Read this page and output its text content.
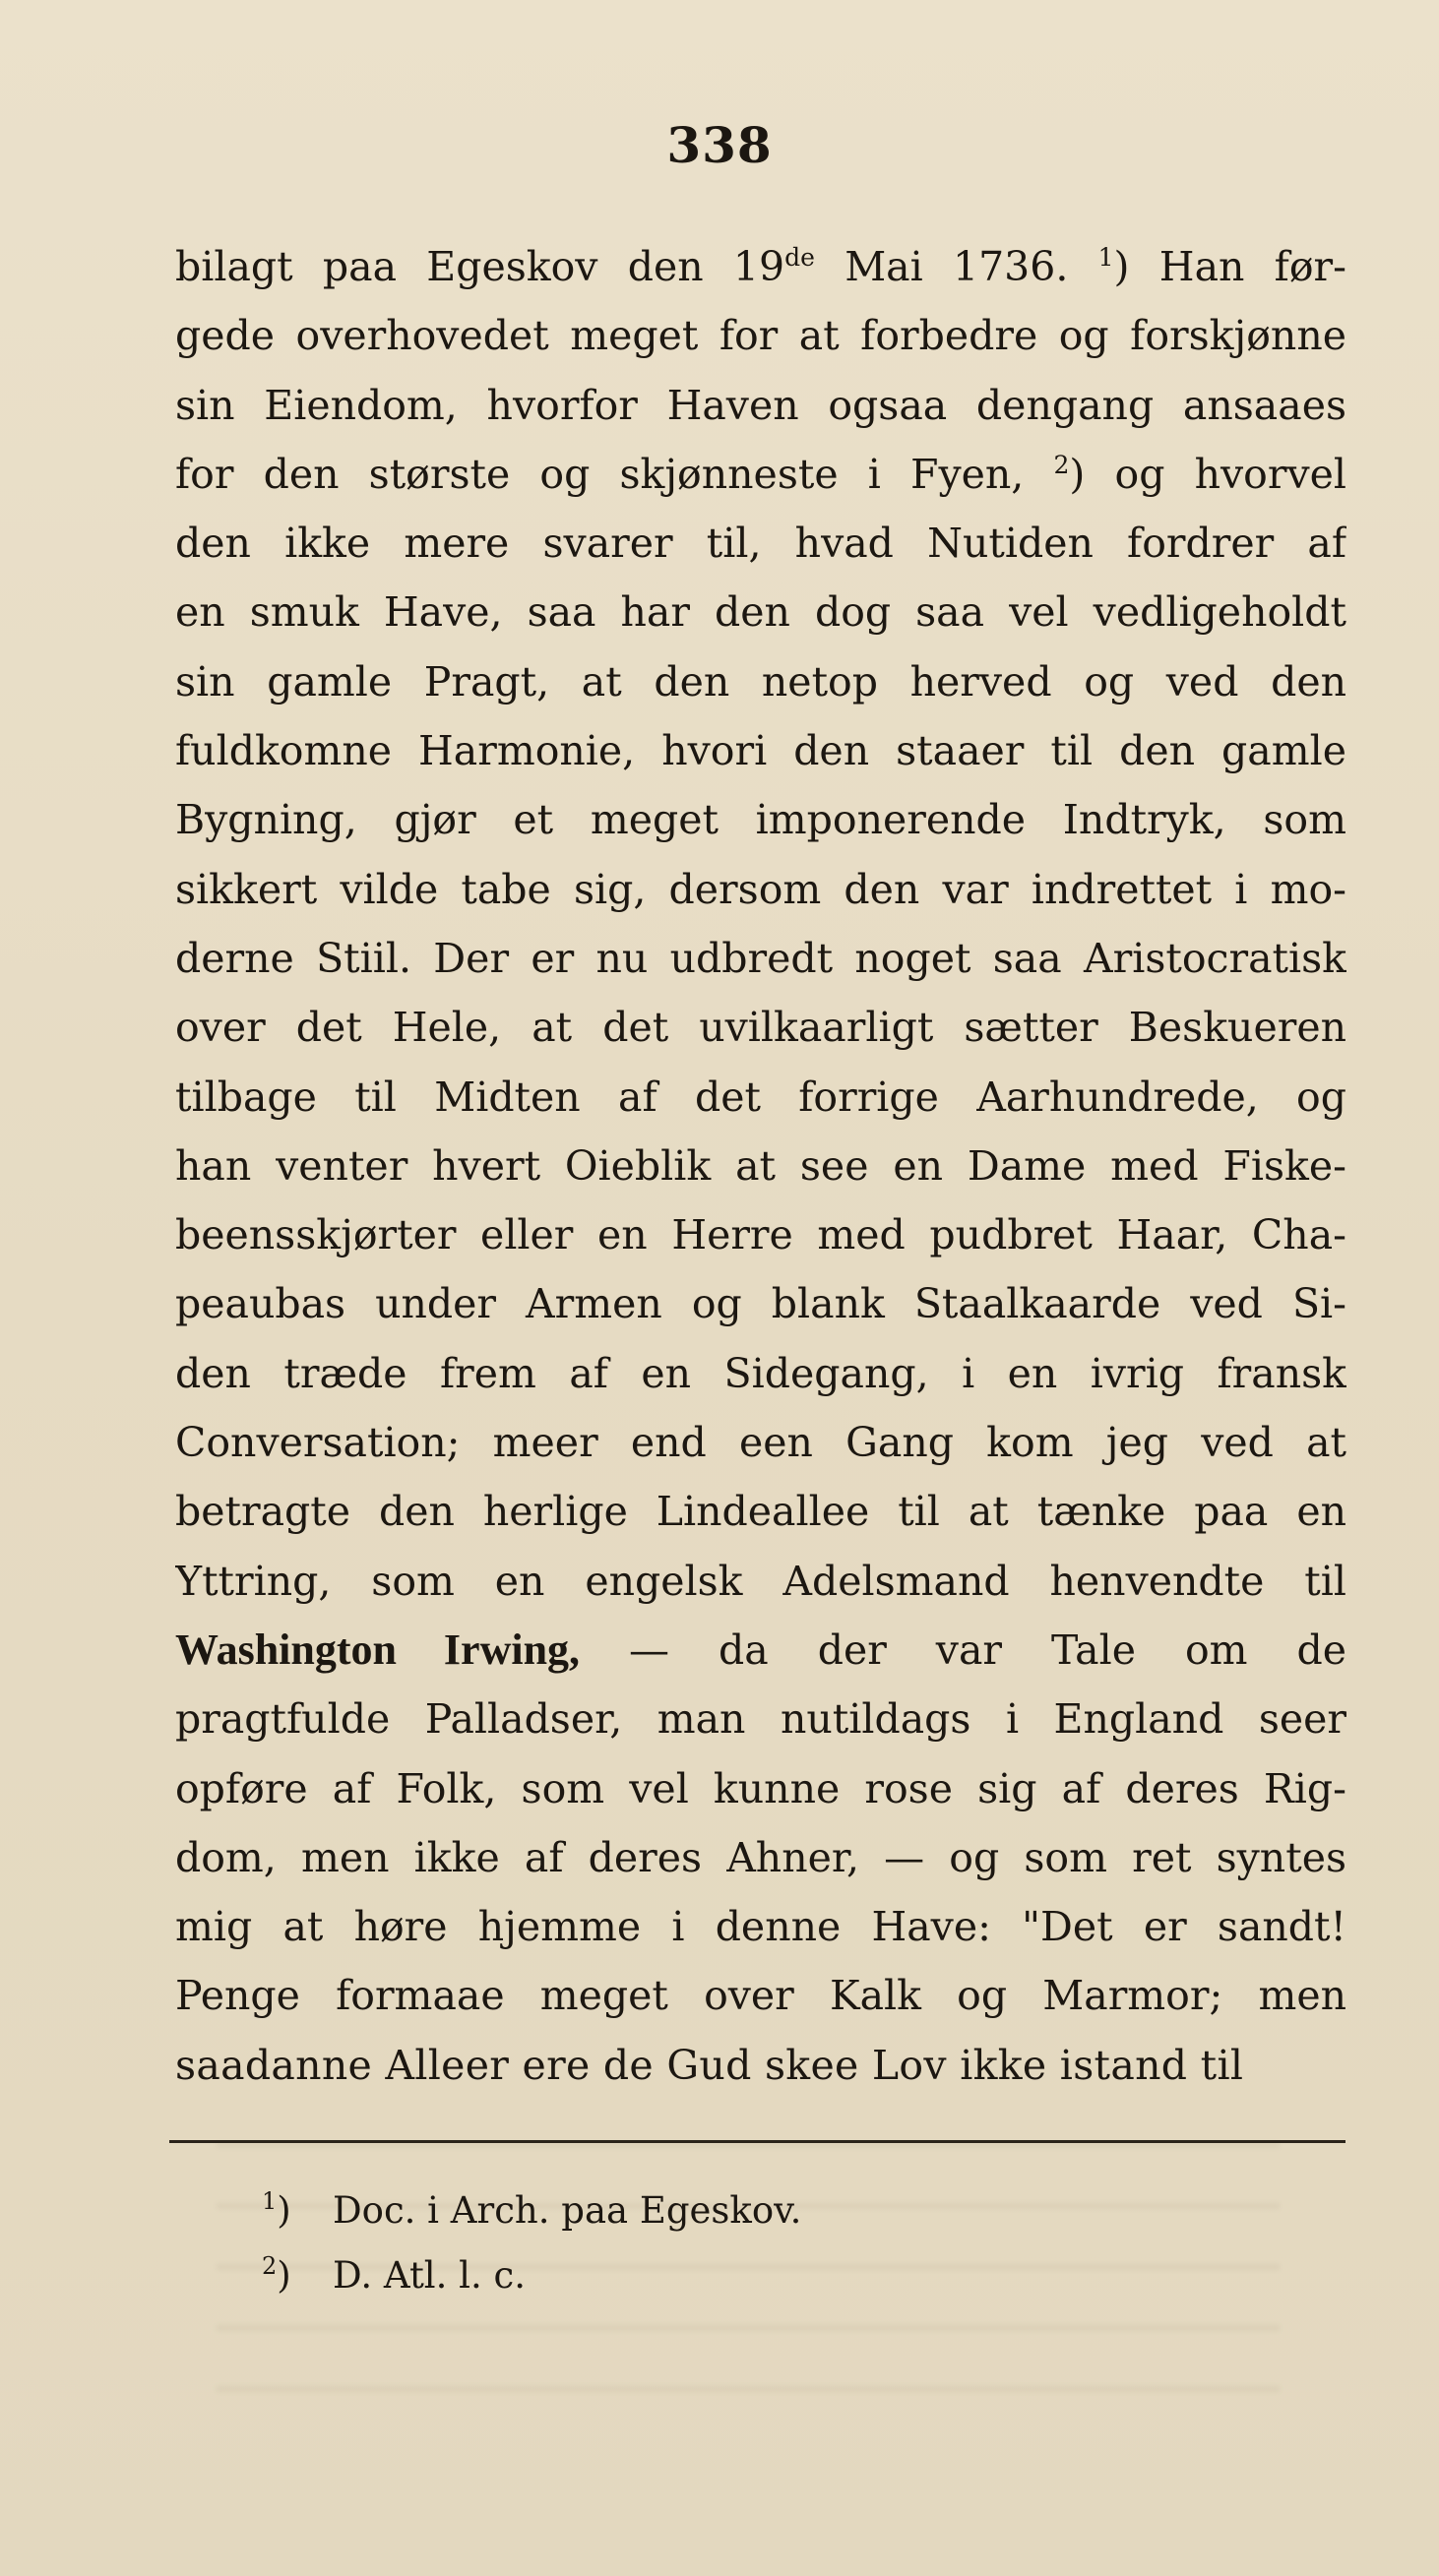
338
bilagt paa Egeskov den 19de Mai 1736. $^1$) Han før-
gede overhovedet meget for at forbedre og forskjønne
sin Eiendom, hvorfor Haven ogsaa dengang ansaaes
for den største og skjønneste i Fyen, $^2$) og hvorvel
den ikke mere svarer til, hvad Nutiden fordrer af
en smuk Have, saa har den dog saa vel vedligeholdt
sin gamle Pragt, at den netop herved og ved den
fuldkomne Harmonie, hvori den staaer til den gamle
Bygning, gjør et meget imponerende Indtryk, som
sikkert vilde tabe sig, dersom den var indrettet i mo-
derne Stiil. Der er nu udbredt noget saa Aristocratisk
over det Hele, at det uvilkaarligt sætter Beskueren
tilbage til Midten af det forrige Aarhundrede, og
han venter hvert Oieblik at see en Dame med Fiske-
beensskjørter eller en Herre med pudbret Haar, Cha-
peaubas under Armen og blank Staalkaarde ved Si-
den træde frem af en Sidegang, i en ivrig fransk
Conversation; meer end een Gang kom jeg ved at
betragte den herlige Lindeallee til at tænke paa en
Yttring, som en engelsk Adelsmand henvendte til
Washington Irwing, — da der var Tale om de
pragtfulde Palladser, man nutildags i England seer
opføre af Folk, som vel kunne rose sig af deres Rig-
dom, men ikke af deres Ahner, — og som ret syntes
mig at høre hjemme i denne Have: "Det er sandt!
Penge formaae meget over Kalk og Marmor; men
saadanne Alleer ere de Gud skee Lov ikke istand til
$^1$) Doc. i Arch. paa Egeskov.
$^2$) D. Atl. l. c.
